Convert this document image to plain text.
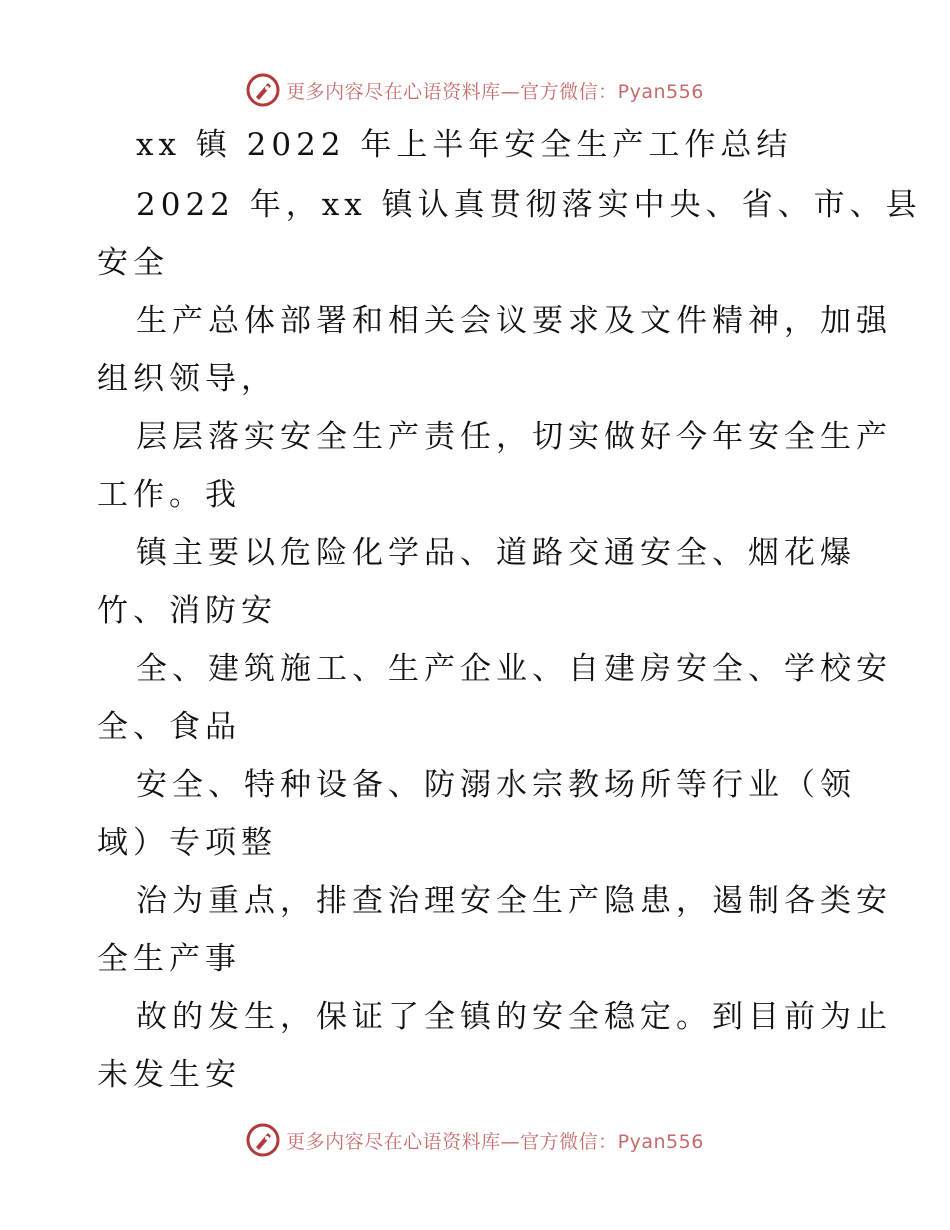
更多内容尽在心语资料库—官方微信：Pyan556
xx 镇 2022 年上半年安全生产工作总结
2022 年，xx 镇认真贯彻落实中央、省、市、县
安全
生产总体部署和相关会议要求及文件精神，加强
组织领导，
层层落实安全生产责任，切实做好今年安全生产
工作。我
镇主要以危险化学品、道路交通安全、烟花爆
竹、消防安
全、建筑施工、生产企业、自建房安全、学校安
全、食品
安全、特种设备、防溺水宗教场所等行业（领
域）专项整
治为重点，排查治理安全生产隐患，遏制各类安
全生产事
故的发生，保证了全镇的安全稳定。到目前为止
未发生安
更多内容尽在心语资料库—官方微信：Pyan556
